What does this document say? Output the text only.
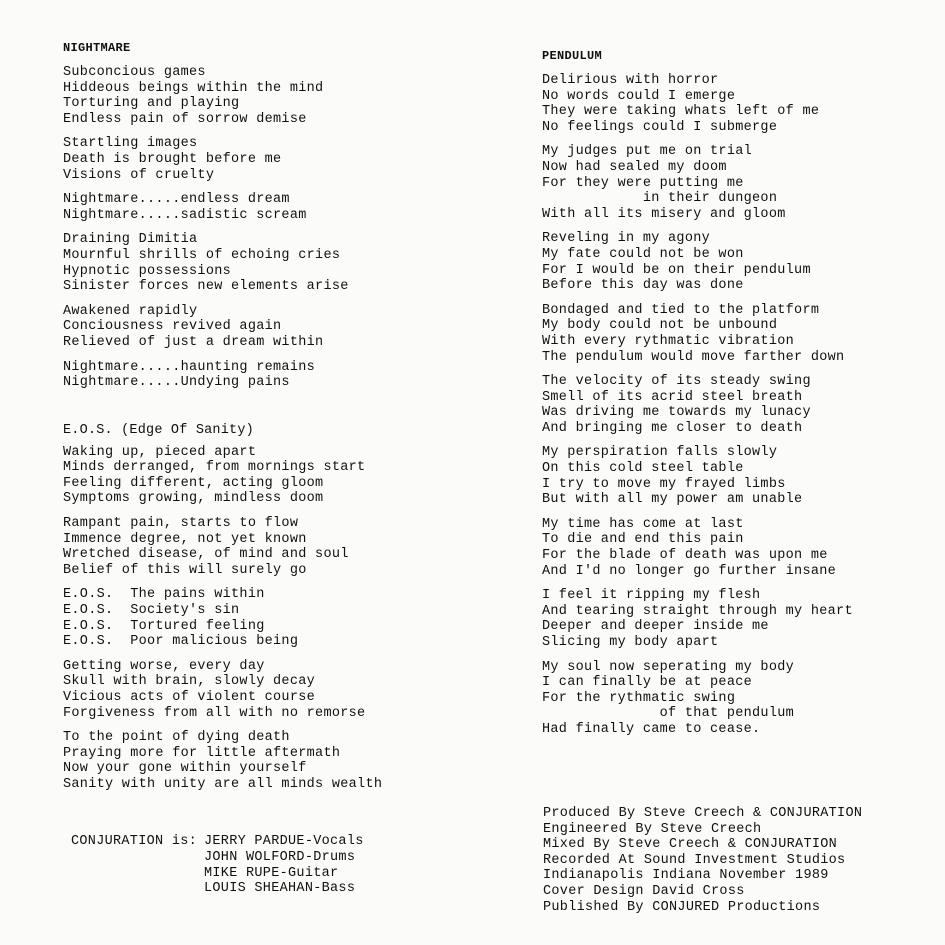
NIGHTMARE
Subconcious games
Hiddeous beings within the mind
Torturing and playing
Endless pain of sorrow demise
Startling images
Death is brought before me
Visions of cruelty
Nightmare.....endless dream
Nightmare.....sadistic scream
Draining Dimitia
Mournful shrills of echoing cries
Hypnotic possessions
Sinister forces new elements arise
Awakened rapidly
Conciousness revived again
Relieved of just a dream within
Nightmare.....haunting remains
Nightmare.....Undying pains
E.O.S. (Edge Of Sanity)
Waking up, pieced apart
Minds derranged, from mornings start
Feeling different, acting gloom
Symptoms growing, mindless doom
Rampant pain, starts to flow
Immence degree, not yet known
Wretched disease, of mind and soul
Belief of this will surely go
E.O.S.  The pains within
E.O.S.  Society's sin
E.O.S.  Tortured feeling
E.O.S.  Poor malicious being
Getting worse, every day
Skull with brain, slowly decay
Vicious acts of violent course
Forgiveness from all with no remorse
To the point of dying death
Praying more for little aftermath
Now your gone within yourself
Sanity with unity are all minds wealth
CONJURATION is: JERRY PARDUE-Vocals
JOHN WOLFORD-Drums
MIKE RUPE-Guitar
LOUIS SHEAHAN-Bass
PENDULUM
Delirious with horror
No words could I emerge
They were taking whats left of me
No feelings could I submerge
My judges put me on trial
Now had sealed my doom
For they were putting me
in their dungeon
With all its misery and gloom
Reveling in my agony
My fate could not be won
For I would be on their pendulum
Before this day was done
Bondaged and tied to the platform
My body could not be unbound
With every rythmatic vibration
The pendulum would move farther down
The velocity of its steady swing
Smell of its acrid steel breath
Was driving me towards my lunacy
And bringing me closer to death
My perspiration falls slowly
On this cold steel table
I try to move my frayed limbs
But with all my power am unable
My time has come at last
To die and end this pain
For the blade of death was upon me
And I'd no longer go further insane
I feel it ripping my flesh
And tearing straight through my heart
Deeper and deeper inside me
Slicing my body apart
My soul now seperating my body
I can finally be at peace
For the rythmatic swing
of that pendulum
Had finally came to cease.
Produced By Steve Creech & CONJURATION
Engineered By Steve Creech
Mixed By Steve Creech & CONJURATION
Recorded At Sound Investment Studios
Indianapolis Indiana November 1989
Cover Design David Cross
Published By CONJURED Productions
